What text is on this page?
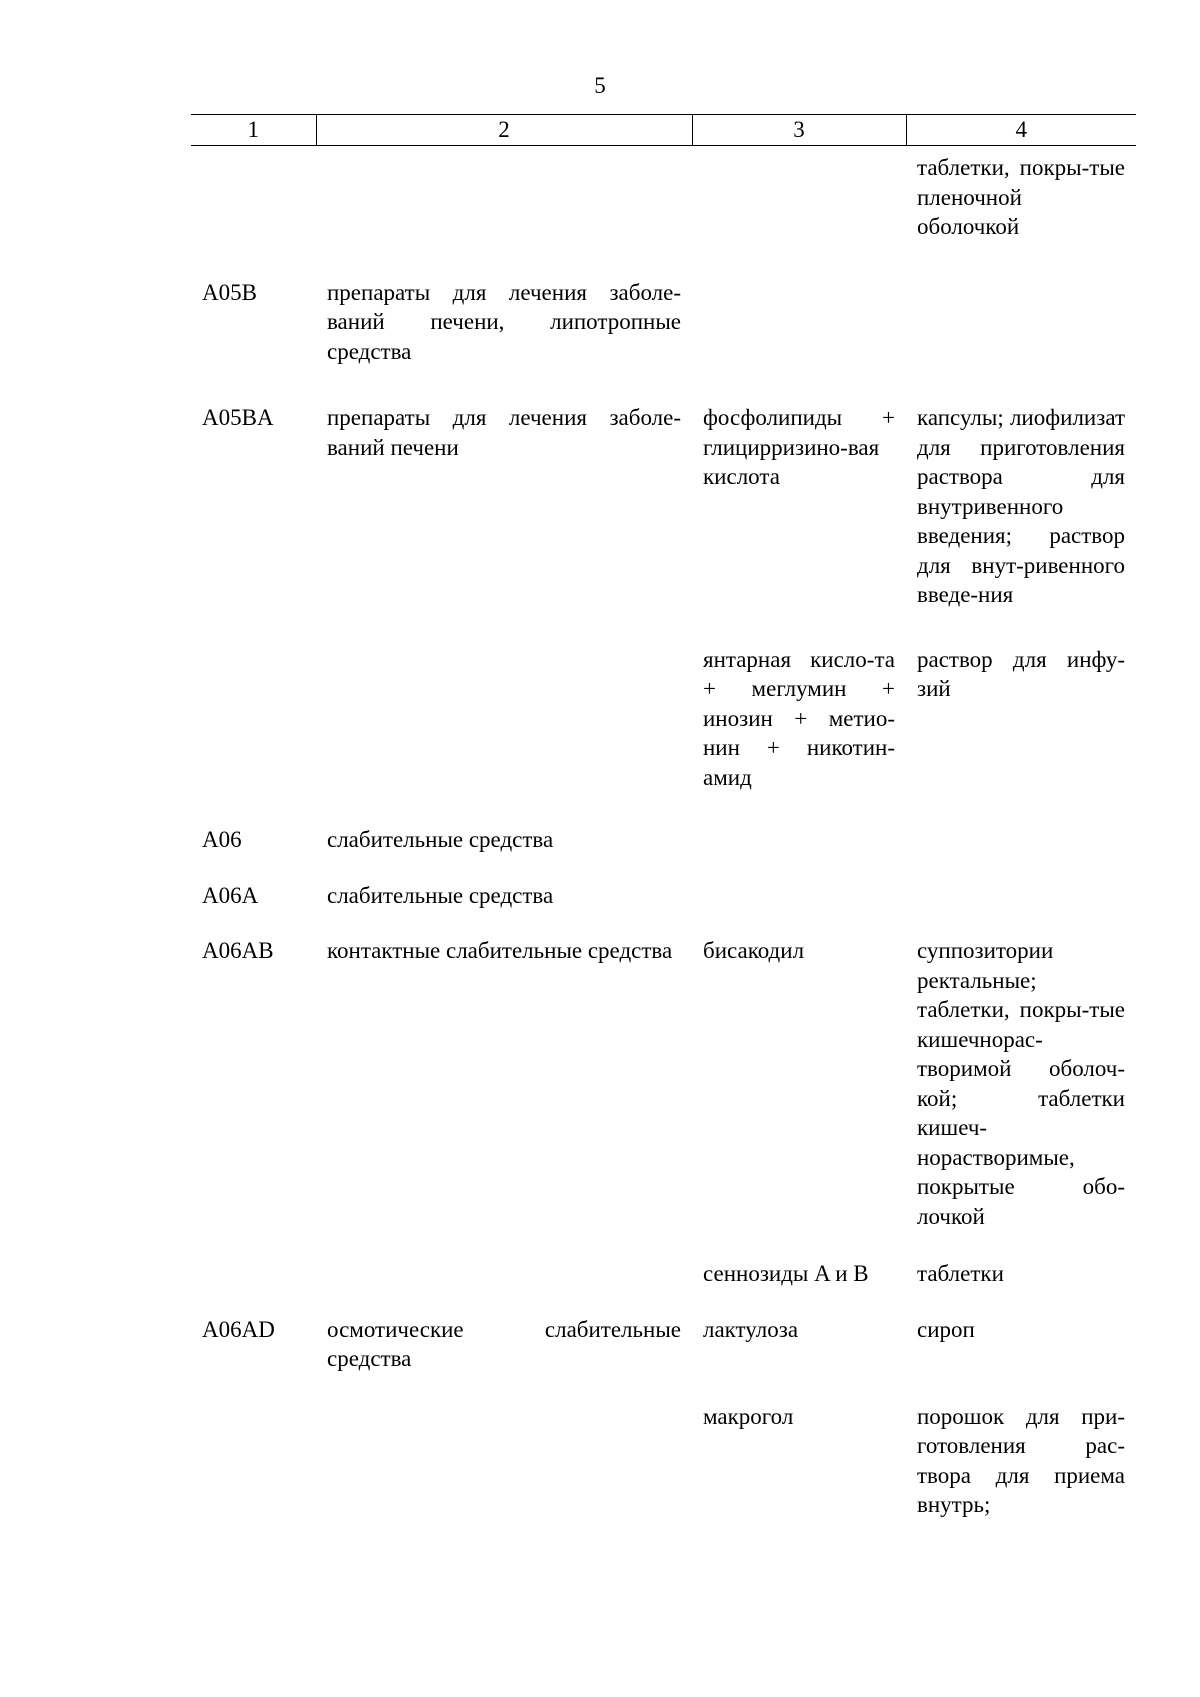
5
1	2	3	4
			таблетки, покры-тые пленочной оболочкой
A05B	препараты для лечения заболе-ваний печени, липотропные средства		
A05BA	препараты для лечения заболе-ваний печени	фосфолипиды + глицирризино-вая кислота	капсулы; лиофилизат для приготовления раствора для внутривенного введения; раствор для внут-ривенного введе-ния
		янтарная кисло-та + меглумин + инозин + метио-нин + никотин-амид	раствор для инфу-зий
A06	слабительные средства		
A06A	слабительные средства		
A06AB	контактные слабительные средства	бисакодил	суппозитории ректальные; таблетки, покры-тые кишечнорас-творимой оболоч-кой; таблетки кишеч-норастворимые, покрытые обо-лочкой
		сеннозиды A и B	таблетки
A06AD	осмотические слабительные средства	лактулоза	сироп
		макрогол	порошок для при-готовления рас-твора для приема внутрь;
